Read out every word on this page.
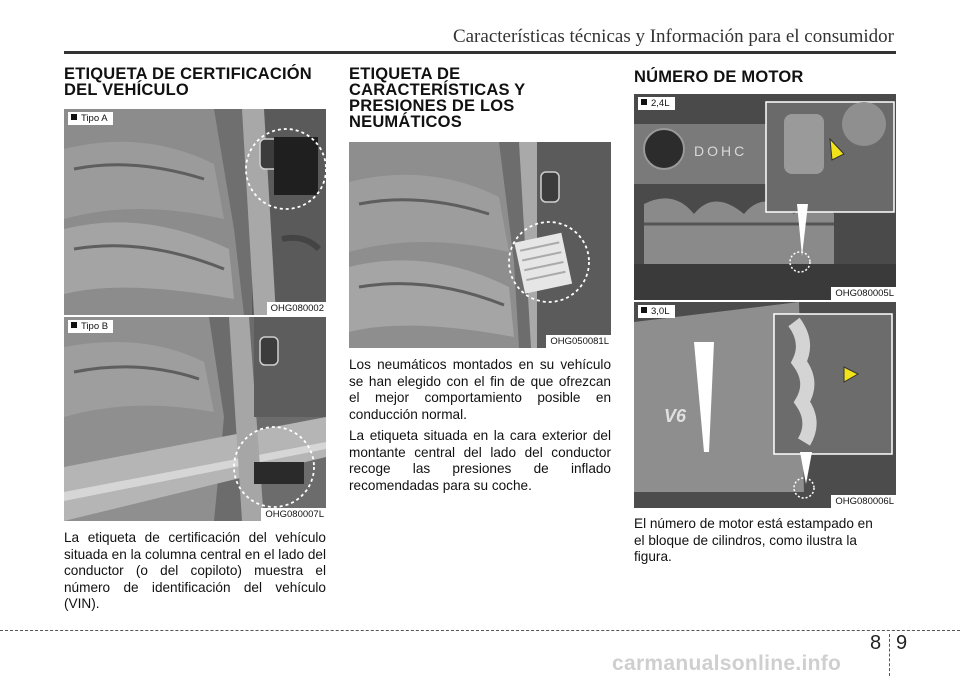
Características técnicas y Información para el consumidor
ETIQUETA DE CERTIFICACIÓN DEL VEHÍCULO
Tipo A
OHG080002
Tipo B
OHG080007L

La etiqueta de certificación del vehículo situada en la columna central en el lado del conductor (o del copiloto) muestra el número de identificación del vehículo (VIN).

ETIQUETA DE CARACTERÍSTICAS Y PRESIONES DE LOS NEUMÁTICOS
OHG050081L

Los neumáticos montados en su vehículo se han elegido con el fin de que ofrezcan el mejor comportamiento posible en conducción normal.

La etiqueta situada en la cara exterior del montante central del lado del conductor recoge las presiones de inflado recomendadas para su coche.

NÚMERO DE MOTOR
DOHC
2,4L
OHG080005L
V6
3,0L
OHG080006L

El número de motor está estampado en el bloque de cilindros, como ilustra la figura.

8 9
carmanualsonline.info
